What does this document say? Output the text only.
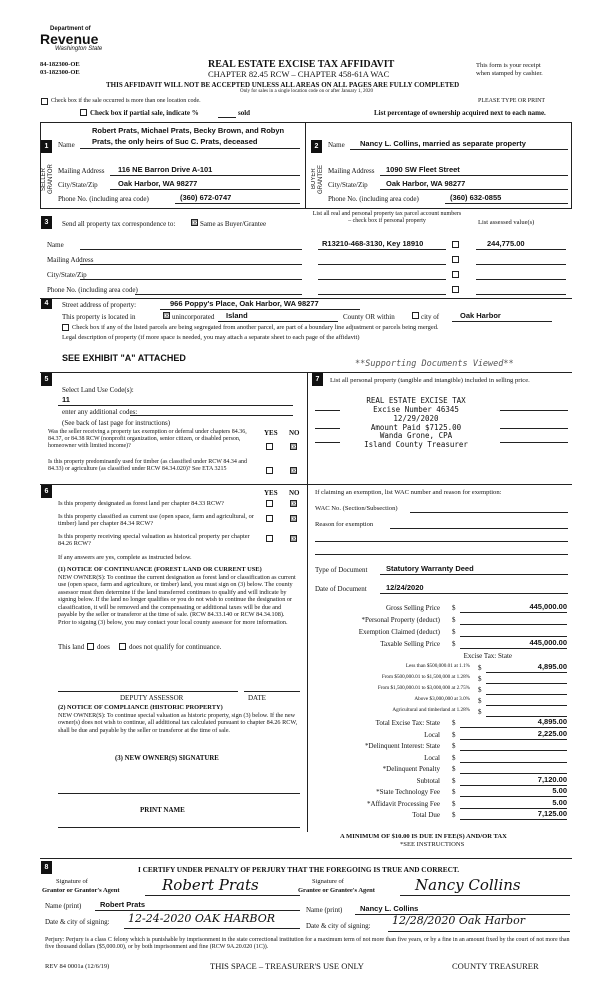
Department of
Revenue
Washington State
84-182300-OE
03-182300-OE
REAL ESTATE EXCISE TAX AFFIDAVIT
CHAPTER 82.45 RCW – CHAPTER 458-61A WAC
THIS AFFIDAVIT WILL NOT BE ACCEPTED UNLESS ALL AREAS ON ALL PAGES ARE FULLY COMPLETED
Only for sales in a single location code on or after January 1, 2020
This form is your receipt
when stamped by cashier.
Check box if the sale occurred is more than one location code.	PLEASE TYPE OR PRINT
Check box if partial sale, indicate %	sold	List percentage of ownership acquired next to each name.
1
SELLER GRANTOR
Name
Robert Prats, Michael Prats, Becky Brown, and Robyn
Prats, the only heirs of Suc C. Prats, deceased
Mailing Address 116 NE Barron Drive A-101
City/State/Zip	Oak Harbor, WA 98277
Phone No. (including area code)	(360) 672-0747
2
BUYER GRANTEE
Name Nancy L. Collins, married as separate property
Mailing Address 1090 SW Fleet Street
City/State/Zip Oak Harbor, WA 98277
Phone No. (including area code)	(360) 632-0855
3	Send all property tax correspondence to: ☒ Same as Buyer/Grantee
Name
Mailing Address
City/State/Zip
Phone No. (including area code)
List all real and personal property tax parcel account numbers – check box if personal property	List assessed value(s)
R13210-468-3130, Key 18910	244,775.00
4	Street address of property:	966 Poppy's Place, Oak Harbor, WA 98277
This property is located in	☒ unincorporated Island	County OR within	city of	Oak Harbor
Check box if any of the listed parcels are being segregated from another parcel, are part of a boundary line adjustment or parcels being merged.
Legal description of property (if more space is needed, you may attach a separate sheet to each page of the affidavit)
SEE EXHIBIT "A" ATTACHED
**Supporting Documents Viewed**
5
Select Land Use Code(s):
11
enter any additional codes:
(See back of last page for instructions)
YES NO
Was the seller receiving a property tax exemption or deferral under chapters 84.36, 84.37, or 84.38 RCW (nonprofit organization, senior citizen, or disabled person, homeowner with limited income)?	☒
Is this property predominantly used for timber (as classified under RCW 84.34 and 84.33) or agriculture (as classified under RCW 84.34.020)? See ETA 3215	☒
7	List all personal property (tangible and intangible) included in selling price.
REAL ESTATE EXCISE TAX
Excise Number 46345
12/29/2020
Amount Paid $7125.00
Wanda Grone, CPA
Island County Treasurer
6	YES NO
Is this property designated as forest land per chapter 84.33 RCW?	☒
Is this property classified as current use (open space, farm and agricultural, or timber) land per chapter 84.34 RCW?
☒
Is this property receiving special valuation as historical property per chapter 84.26 RCW?
☒
If any answers are yes, complete as instructed below.
(1) NOTICE OF CONTINUANCE (FOREST LAND OR CURRENT USE)
NEW OWNER(S): To continue the current designation as forest land or classification as current use (open space, farm and agriculture, or timber) land, you must sign on (3) below. The county assessor must then determine if the land transferred continues to qualify and will indicate by signing below. If the land no longer qualifies or you do not wish to continue the designation or classification, it will be removed and the compensating or additional taxes will be due and payable by the seller or transferor at the time of sale. (RCW 84.33.140 or RCW 84.34.108). Prior to signing (3) below, you may contact your local county assessor for more information.
This land does	does not qualify for continuance.
DEPUTY ASSESSOR	DATE
(2) NOTICE OF COMPLIANCE (HISTORIC PROPERTY)
NEW OWNER(S): To continue special valuation as historic property, sign (3) below. If the new owner(s) does not wish to continue, all additional tax calculated pursuant to chapter 84.26 RCW, shall be due and payable by the seller or transferor at the time of sale.
(3) NEW OWNER(S) SIGNATURE
PRINT NAME
If claiming an exemption, list WAC number and reason for exemption:
WAC No. (Section/Subsection)
Reason for exemption
Type of Document Statutory Warranty Deed
Date of Document	12/24/2020
Gross Selling Price $	445,000.00
*Personal Property (deduct) $
Exemption Claimed (deduct) $
Taxable Selling Price $	445,000.00
Excise Tax: State
Less than $500,000.01 at 1.1% $	4,895.00
From $500,000.01 to $1,500,000 at 1.28% $
From $1,500,000.01 to $3,000,000 at 2.75% $
Above $3,000,000 at 3.0% $
Agricultural and timberland at 1.28% $
Total Excise Tax: State $	4,895.00
Local $	2,225.00
*Delinquent Interest: State $
Local $
*Delinquent Penalty $
Subtotal $	7,120.00
*State Technology Fee $	5.00
*Affidavit Processing Fee $	5.00
Total Due $	7,125.00
A MINIMUM OF $10.00 IS DUE IN FEE(S) AND/OR TAX
*SEE INSTRUCTIONS
8	I CERTIFY UNDER PENALTY OF PERJURY THAT THE FOREGOING IS TRUE AND CORRECT.
Signature of
Grantor or Grantor's Agent	Robert Prats	Signature of
Grantee or Grantee's Agent	Nancy Collins
Name (print) Robert Prats
Name (print) Nancy L. Collins
Date & city of signing: 12-24-2020 OAK HARBOR
Date & city of signing: 12/28/2020 Oak Harbor
Perjury: Perjury is a class C felony which is punishable by imprisonment in the state correctional institution for a maximum term of not more than five years, or by a fine in an amount fixed by the court of not more than five thousand dollars ($5,000.00), or by both imprisonment and fine (RCW 9A.20.020 (1C)).
REV 84 0001a (12/6/19)	THIS SPACE – TREASURER'S USE ONLY	COUNTY TREASURER
